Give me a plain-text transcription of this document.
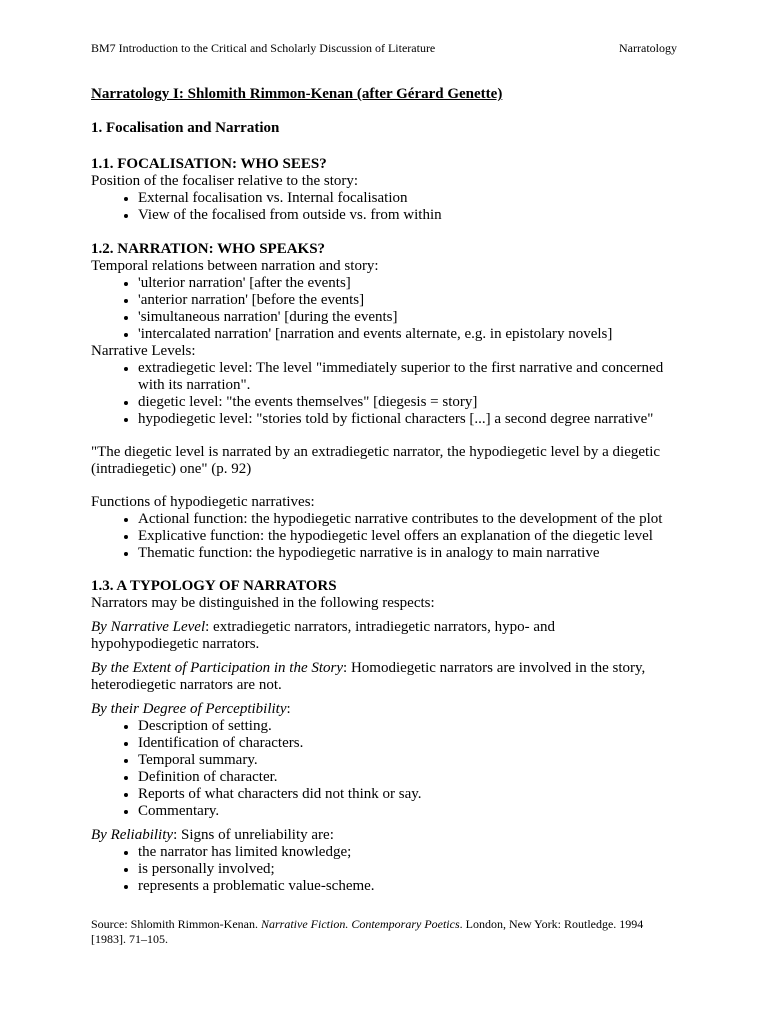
BM7 Introduction to the Critical and Scholarly Discussion of Literature	Narratology
Narratology I: Shlomith Rimmon-Kenan (after Gérard Genette)

1. Focalisation and Narration

1.1. FOCALISATION: WHO SEES?

Position of the focaliser relative to the story:

• External focalisation vs. Internal focalisation
• View of the focalised from outside vs. from within

1.2. NARRATION: WHO SPEAKS?

Temporal relations between narration and story:

• 'ulterior narration' [after the events]
• 'anterior narration' [before the events]
• 'simultaneous narration' [during the events]
• 'intercalated narration' [narration and events alternate, e.g. in epistolary novels]

Narrative Levels:

• extradiegetic level: The level "immediately superior to the first narrative and concerned with its narration".
• diegetic level: "the events themselves" [diegesis = story]
• hypodiegetic level: "stories told by fictional characters [...] a second degree narrative"

"The diegetic level is narrated by an extradiegetic narrator, the hypodiegetic level by a diegetic (intradiegetic) one" (p. 92)

Functions of hypodiegetic narratives:

• Actional function: the hypodiegetic narrative contributes to the development of the plot
• Explicative function: the hypodiegetic level offers an explanation of the diegetic level
• Thematic function: the hypodiegetic narrative is in analogy to main narrative

1.3. A TYPOLOGY OF NARRATORS

Narrators may be distinguished in the following respects:

By Narrative Level: extradiegetic narrators, intradiegetic narrators, hypo- and hypohypodiegetic narrators.

By the Extent of Participation in the Story: Homodiegetic narrators are involved in the story, heterodiegetic narrators are not.

By their Degree of Perceptibility:

• Description of setting.
• Identification of characters.
• Temporal summary.
• Definition of character.
• Reports of what characters did not think or say.
• Commentary.

By Reliability: Signs of unreliability are:

• the narrator has limited knowledge;
• is personally involved;
• represents a problematic value-scheme.
Source: Shlomith Rimmon-Kenan. Narrative Fiction. Contemporary Poetics. London, New York: Routledge. 1994 [1983]. 71–105.
